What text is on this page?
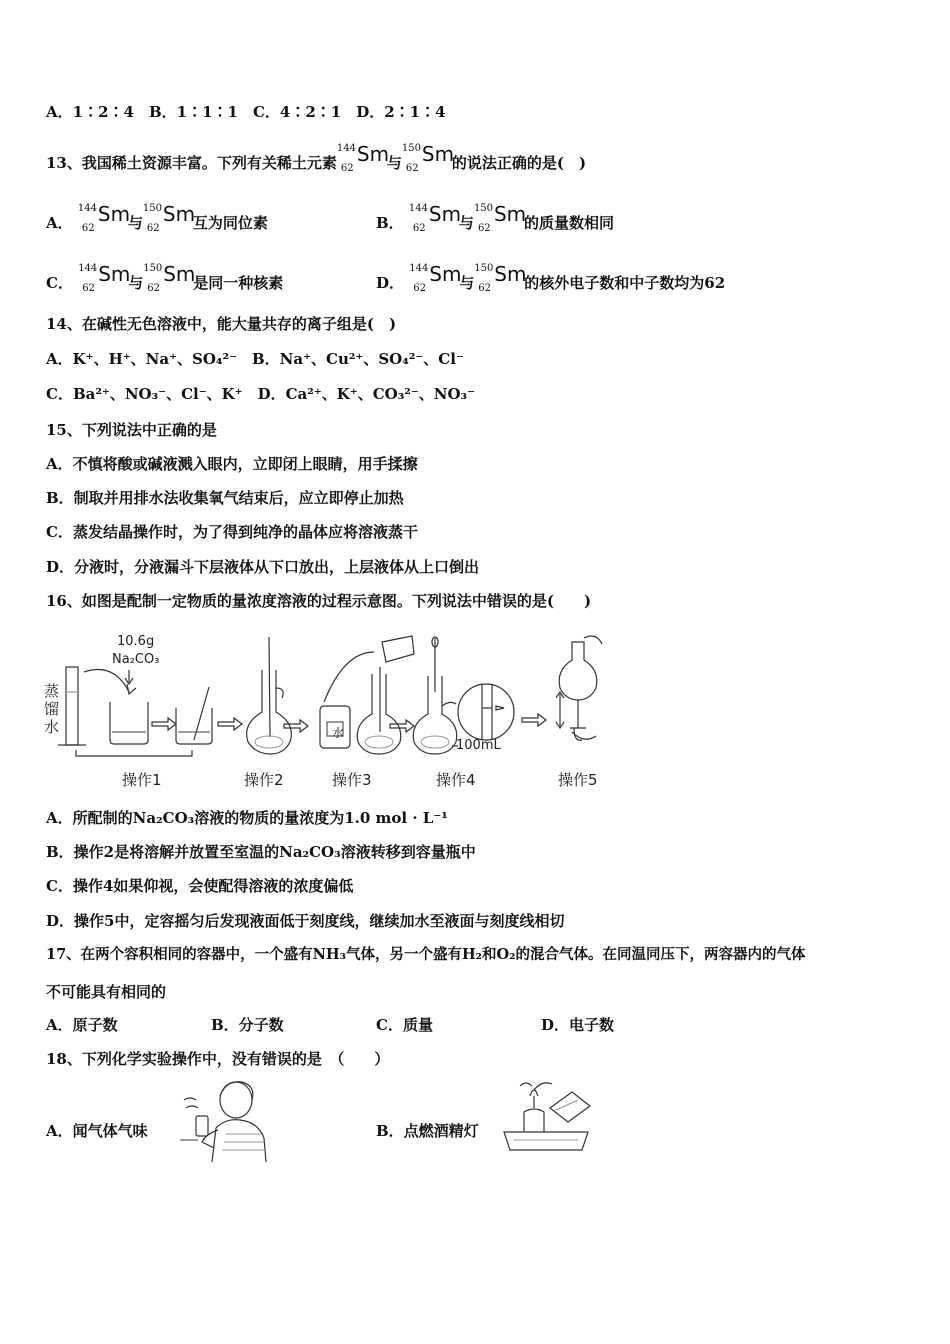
A．1∶2∶4　B．1∶1∶1　C．4∶2∶1　D．2∶1∶4
13、我国稀土资源丰富。下列有关稀土元素
144
62
Sm
与
150
62
Sm
的说法正确的是(　)
A．
144
62
Sm
与
150
62
Sm
互为同位素	B．
144
62
Sm
与
150
62
Sm
的质量数相同
C．
144
62
Sm
与
150
62
Sm
是同一种核素	D．
144
62
Sm
与
150
62
Sm
的核外电子数和中子数均为62
14、在碱性无色溶液中，能大量共存的离子组是(　)
A．K⁺、H⁺、Na⁺、SO₄²⁻　B．Na⁺、Cu²⁺、SO₄²⁻、Cl⁻
C．Ba²⁺、NO₃⁻、Cl⁻、K⁺　D．Ca²⁺、K⁺、CO₃²⁻、NO₃⁻
15、下列说法中正确的是
A．不慎将酸或碱液溅入眼内，立即闭上眼睛，用手揉擦
B．制取并用排水法收集氧气结束后，应立即停止加热
C．蒸发结晶操作时，为了得到纯净的晶体应将溶液蒸干
D．分液时，分液漏斗下层液体从下口放出，上层液体从上口倒出
16、如图是配制一定物质的量浓度溶液的过程示意图。下列说法中错误的是(　　)
10.6g
Na₂CO₃
蒸馏水	水
100mL
操作1	操作2	操作3	操作4	操作5
A．所配制的Na₂CO₃溶液的物质的量浓度为1.0 mol · L⁻¹
B．操作2是将溶解并放置至室温的Na₂CO₃溶液转移到容量瓶中
C．操作4如果仰视，会使配得溶液的浓度偏低
D．操作5中，定容摇匀后发现液面低于刻度线，继续加水至液面与刻度线相切
17、在两个容积相同的容器中，一个盛有NH₃气体，另一个盛有H₂和O₂的混合气体。在同温同压下，两容器内的气体
不可能具有相同的
A．原子数	B．分子数	C．质量	D．电子数
18、下列化学实验操作中，没有错误的是　（　　）
A．闻气体气味	B．点燃酒精灯
